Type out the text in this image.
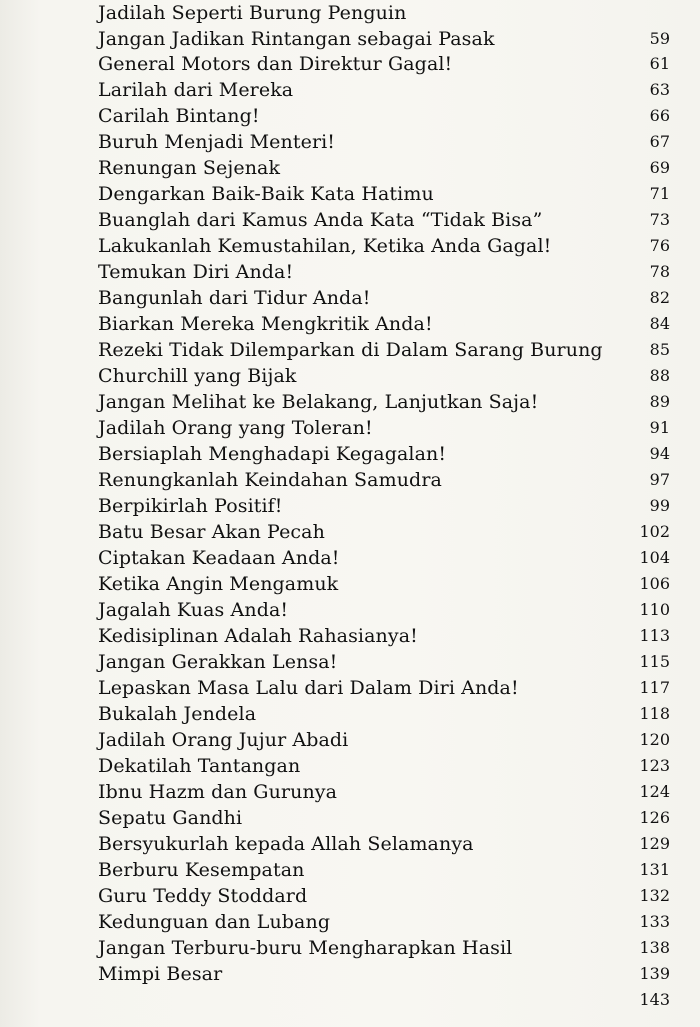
Jadilah Seperti Burung Penguin
Jangan Jadikan Rintangan sebagai Pasak	59
General Motors dan Direktur Gagal!	61
Larilah dari Mereka	63
Carilah Bintang!	66
Buruh Menjadi Menteri!	67
Renungan Sejenak	69
Dengarkan Baik-Baik Kata Hatimu	71
Buanglah dari Kamus Anda Kata “Tidak Bisa”	73
Lakukanlah Kemustahilan, Ketika Anda Gagal!	76
Temukan Diri Anda!	78
Bangunlah dari Tidur Anda!	82
Biarkan Mereka Mengkritik Anda!	84
Rezeki Tidak Dilemparkan di Dalam Sarang Burung	85
Churchill yang Bijak	88
Jangan Melihat ke Belakang, Lanjutkan Saja!	89
Jadilah Orang yang Toleran!	91
Bersiaplah Menghadapi Kegagalan!	94
Renungkanlah Keindahan Samudra	97
Berpikirlah Positif!	99
Batu Besar Akan Pecah	102
Ciptakan Keadaan Anda!	104
Ketika Angin Mengamuk	106
Jagalah Kuas Anda!	110
Kedisiplinan Adalah Rahasianya!	113
Jangan Gerakkan Lensa!	115
Lepaskan Masa Lalu dari Dalam Diri Anda!	117
Bukalah Jendela	118
Jadilah Orang Jujur Abadi	120
Dekatilah Tantangan	123
Ibnu Hazm dan Gurunya	124
Sepatu Gandhi	126
Bersyukurlah kepada Allah Selamanya	129
Berburu Kesempatan	131
Guru Teddy Stoddard	132
Kedunguan dan Lubang	133
Jangan Terburu-buru Mengharapkan Hasil	138
Mimpi Besar	139
143
